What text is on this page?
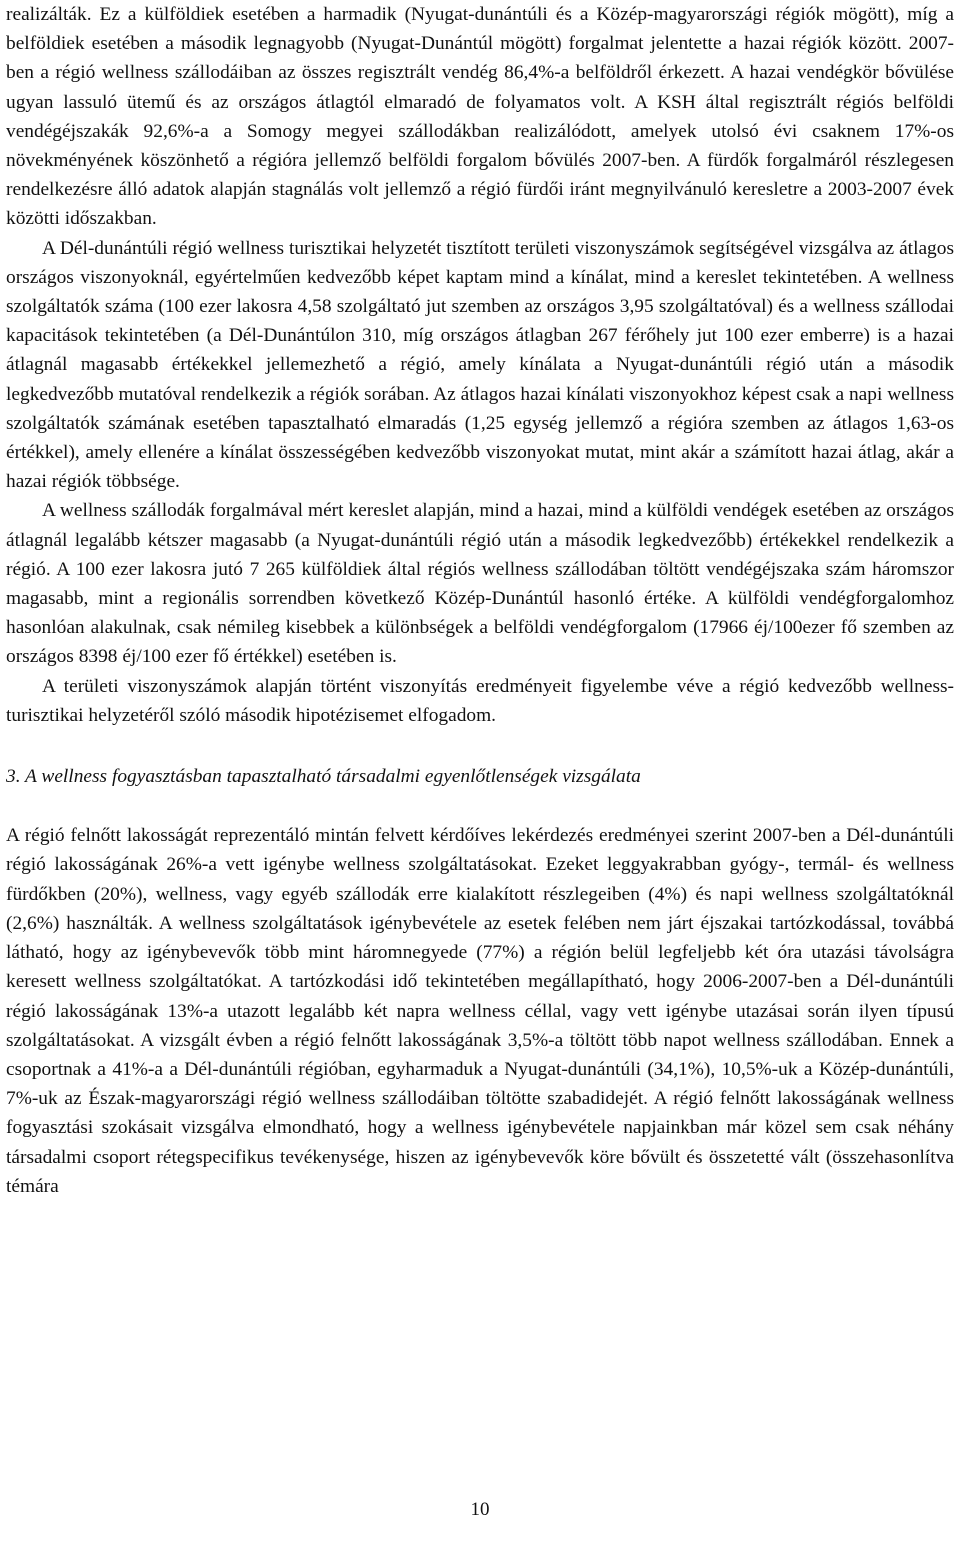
realizálták. Ez a külföldiek esetében a harmadik (Nyugat-dunántúli és a Közép-magyarországi régiók mögött), míg a belföldiek esetében a második legnagyobb (Nyugat-Dunántúl mögött) forgalmat jelentette a hazai régiók között. 2007-ben a régió wellness szállodáiban az összes regisztrált vendég 86,4%-a belföldről érkezett. A hazai vendégkör bővülése ugyan lassuló ütemű és az országos átlagtól elmaradó de folyamatos volt. A KSH által regisztrált régiós belföldi vendégéjszakák 92,6%-a a Somogy megyei szállodákban realizálódott, amelyek utolsó évi csaknem 17%-os növekményének köszönhető a régióra jellemző belföldi forgalom bővülés 2007-ben. A fürdők forgalmáról részlegesen rendelkezésre álló adatok alapján stagnálás volt jellemző a régió fürdői iránt megnyilvánuló keresletre a 2003-2007 évek közötti időszakban.

A Dél-dunántúli régió wellness turisztikai helyzetét tisztított területi viszonyszámok segítségével vizsgálva az átlagos országos viszonyoknál, egyértelműen kedvezőbb képet kaptam mind a kínálat, mind a kereslet tekintetében. A wellness szolgáltatók száma (100 ezer lakosra 4,58 szolgáltató jut szemben az országos 3,95 szolgáltatóval) és a wellness szállodai kapacitások tekintetében (a Dél-Dunántúlon 310, míg országos átlagban 267 férőhely jut 100 ezer emberre) is a hazai átlagnál magasabb értékekkel jellemezhető a régió, amely kínálata a Nyugat-dunántúli régió után a második legkedvezőbb mutatóval rendelkezik a régiók sorában. Az átlagos hazai kínálati viszonyokhoz képest csak a napi wellness szolgáltatók számának esetében tapasztalható elmaradás (1,25 egység jellemző a régióra szemben az átlagos 1,63-os értékkel), amely ellenére a kínálat összességében kedvezőbb viszonyokat mutat, mint akár a számított hazai átlag, akár a hazai régiók többsége.

A wellness szállodák forgalmával mért kereslet alapján, mind a hazai, mind a külföldi vendégek esetében az országos átlagnál legalább kétszer magasabb (a Nyugat-dunántúli régió után a második legkedvezőbb) értékekkel rendelkezik a régió. A 100 ezer lakosra jutó 7 265 külföldiek által régiós wellness szállodában töltött vendégéjszaka szám háromszor magasabb, mint a regionális sorrendben következő Közép-Dunántúl hasonló értéke. A külföldi vendégforgalomhoz hasonlóan alakulnak, csak némileg kisebbek a különbségek a belföldi vendégforgalom (17966 éj/100ezer fő szemben az országos 8398 éj/100 ezer fő értékkel) esetében is.

A területi viszonyszámok alapján történt viszonyítás eredményeit figyelembe véve a régió kedvezőbb wellness-turisztikai helyzetéről szóló második hipotézisemet elfogadom.

3. A wellness fogyasztásban tapasztalható társadalmi egyenlőtlenségek vizsgálata

A régió felnőtt lakosságát reprezentáló mintán felvett kérdőíves lekérdezés eredményei szerint 2007-ben a Dél-dunántúli régió lakosságának 26%-a vett igénybe wellness szolgáltatásokat. Ezeket leggyakrabban gyógy-, termál- és wellness fürdőkben (20%), wellness, vagy egyéb szállodák erre kialakított részlegeiben (4%) és napi wellness szolgáltatóknál (2,6%) használták. A wellness szolgáltatások igénybevétele az esetek felében nem járt éjszakai tartózkodással, továbbá látható, hogy az igénybevevők több mint háromnegyede (77%) a régión belül legfeljebb két óra utazási távolságra keresett wellness szolgáltatókat. A tartózkodási idő tekintetében megállapítható, hogy 2006-2007-ben a Dél-dunántúli régió lakosságának 13%-a utazott legalább két napra wellness céllal, vagy vett igénybe utazásai során ilyen típusú szolgáltatásokat. A vizsgált évben a régió felnőtt lakosságának 3,5%-a töltött több napot wellness szállodában. Ennek a csoportnak a 41%-a a Dél-dunántúli régióban, egyharmaduk a Nyugat-dunántúli (34,1%), 10,5%-uk a Közép-dunántúli, 7%-uk az Észak-magyarországi régió wellness szállodáiban töltötte szabadidejét. A régió felnőtt lakosságának wellness fogyasztási szokásait vizsgálva elmondható, hogy a wellness igénybevétele napjainkban már közel sem csak néhány társadalmi csoport rétegspecifikus tevékenysége, hiszen az igénybevevők köre bővült és összetetté vált (összehasonlítva témára

10
